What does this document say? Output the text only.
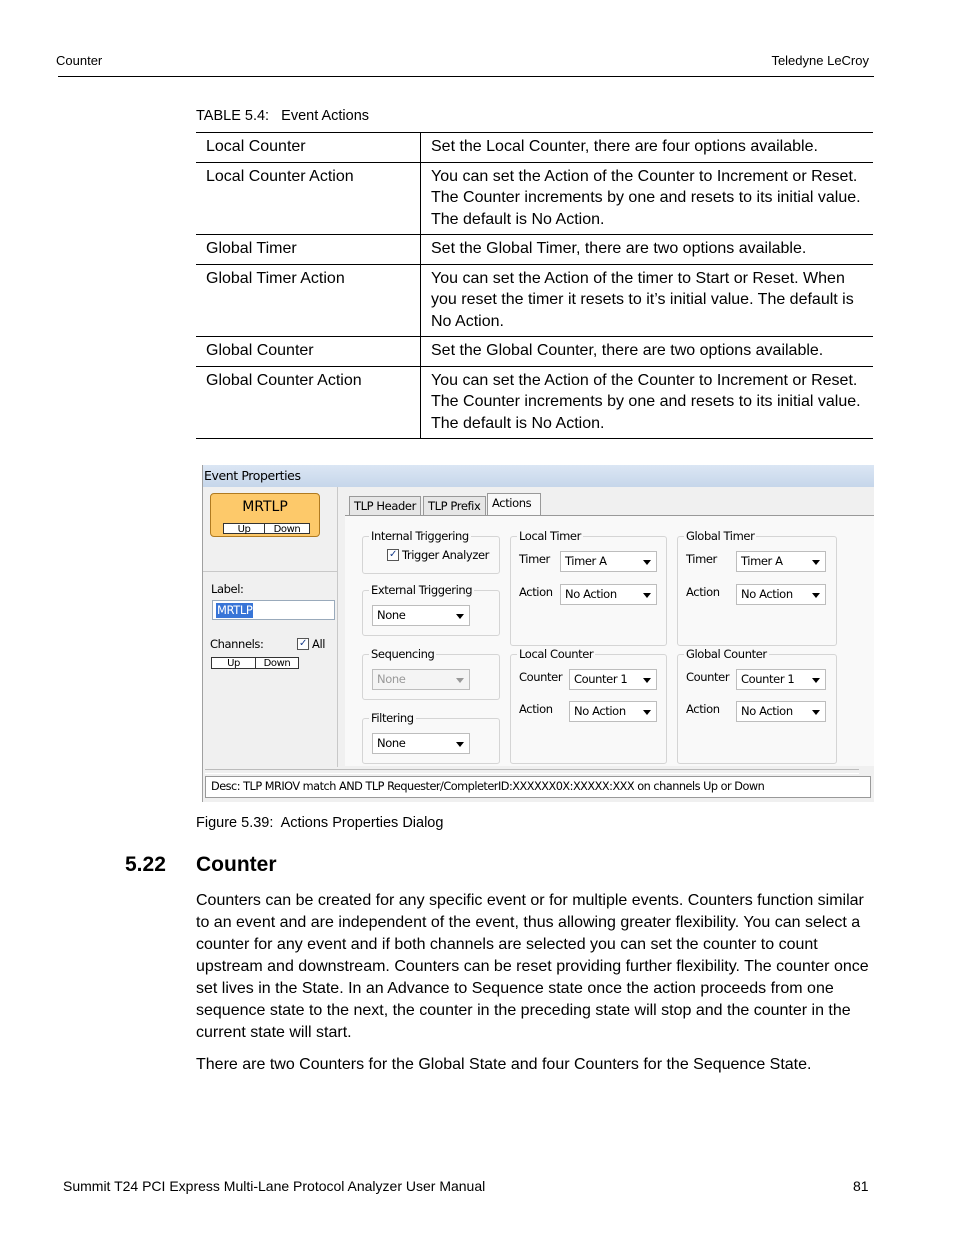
Counter	Teledyne LeCroy
TABLE 5.4:   Event Actions
Local Counter	Set the Local Counter, there are four options available.
Local Counter Action	You can set the Action of the Counter to Increment or Reset. The Counter increments by one and resets to its initial value. The default is No Action.
Global Timer	Set the Global Timer, there are two options available.
Global Timer Action	You can set the Action of the timer to Start or Reset. When you reset the timer it resets to it’s initial value. The default is No Action.
Global Counter	Set the Global Counter, there are two options available.
Global Counter Action	You can set the Action of the Counter to Increment or Reset. The Counter increments by one and resets to its initial value. The default is No Action.
Event Properties
MRTLP
Up	Down
Label:
MRTLP
MRTLP
Channels:	✓ All
Up	Down
TLP Header	TLP Prefix	Actions
Internal Triggering
✓ Trigger Analyzer
External Triggering
None
Sequencing
None
Filtering
None
Local Timer
Timer	Timer A
Action	No Action
Global Timer
Timer	Timer A
Action	No Action
Local Counter
Counter	Counter 1
Action	No Action
Global Counter
Counter	Counter 1
Action	No Action
Desc: TLP MRIOV match AND TLP Requester/CompleterID:XXXXXX0X:XXXXX:XXX on channels Up or Down
Figure 5.39:  Actions Properties Dialog
5.22 Counter
Counters can be created for any specific event or for multiple events. Counters function similar to an event and are independent of the event, thus allowing greater flexibility. You can select a counter for any event and if both channels are selected you can set the counter to count upstream and downstream. Counters can be reset providing further flexibility. The counter once set lives in the State. In an Advance to Sequence state once the action proceeds from one sequence state to the next, the counter in the preceding state will stop and the counter in the current state will start.
There are two Counters for the Global State and four Counters for the Sequence State.
Summit T24 PCI Express Multi-Lane Protocol Analyzer User Manual	81
